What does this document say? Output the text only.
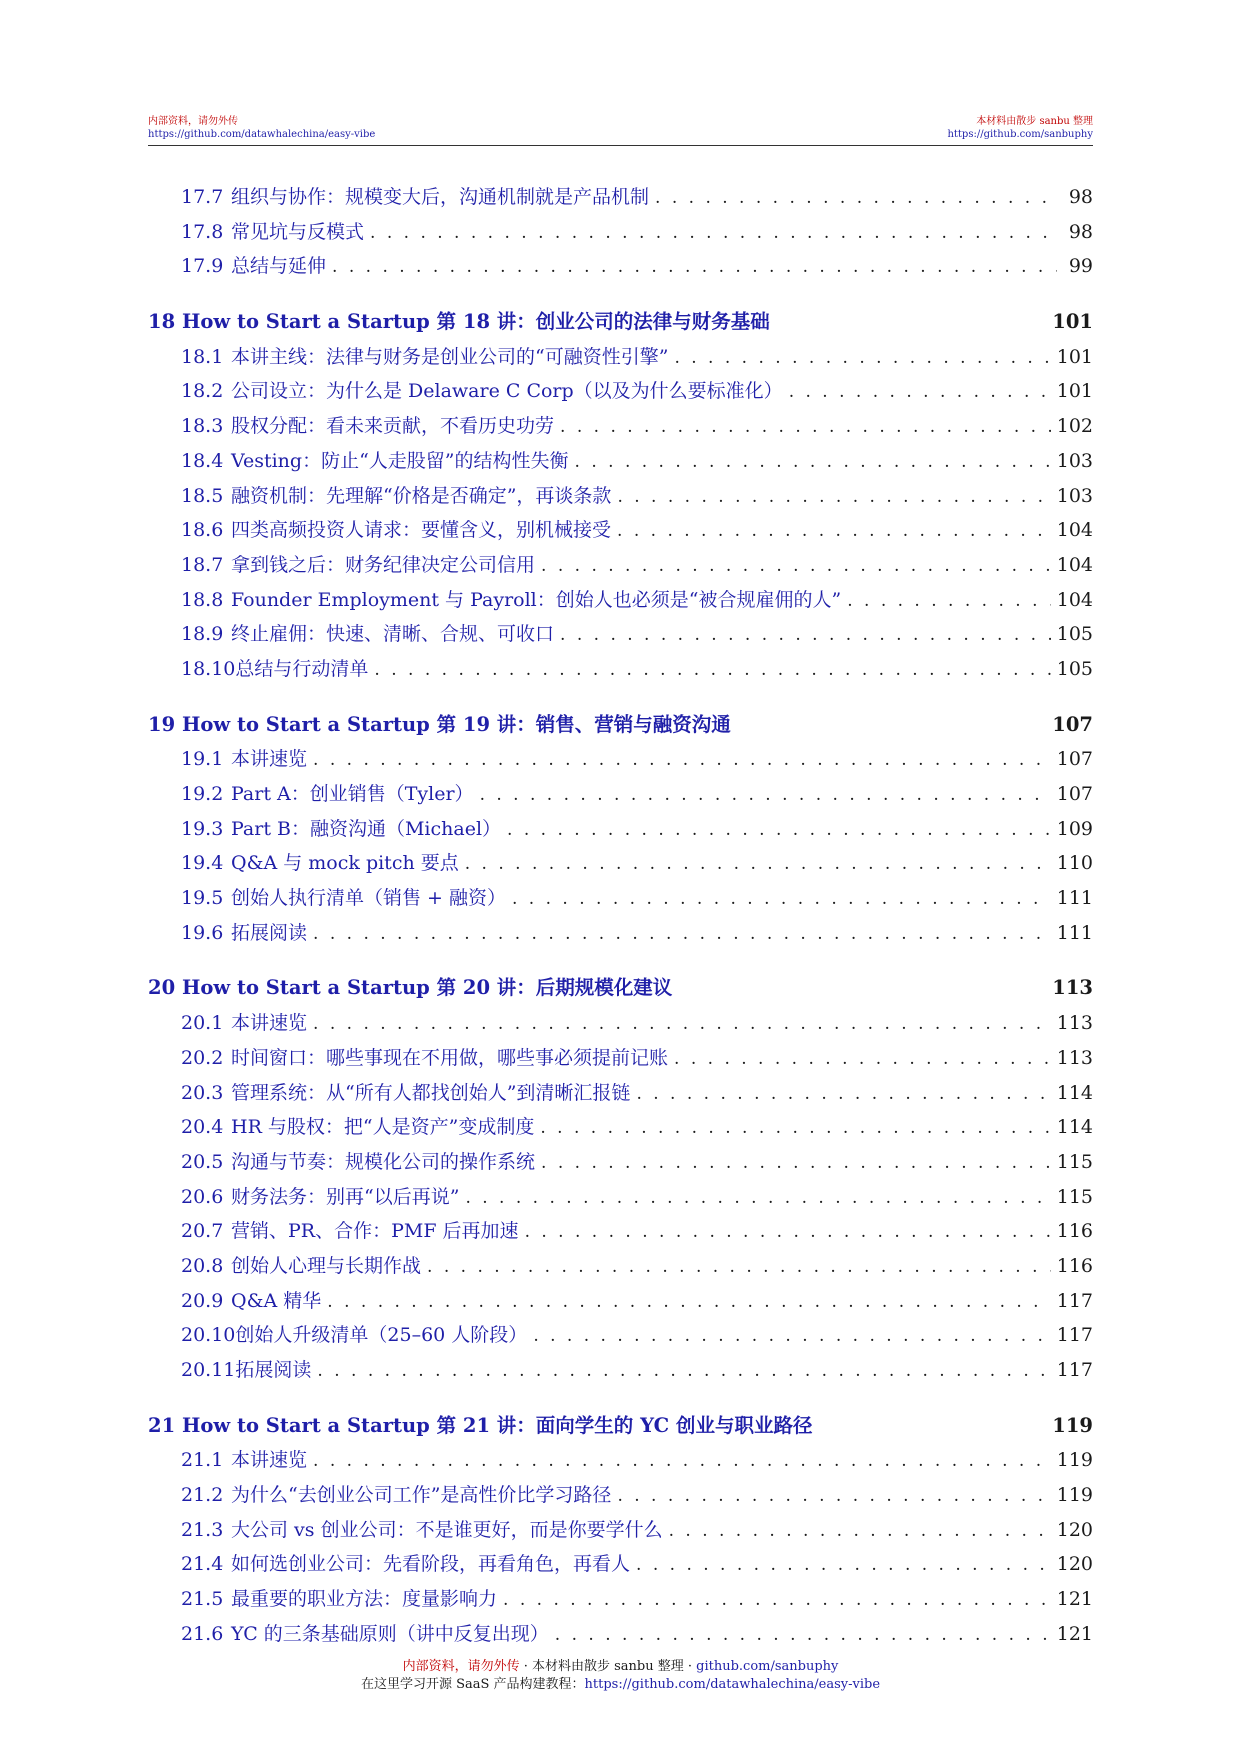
内部资料，请勿外传
https://github.com/datawhalechina/easy-vibe
本材料由散步 sanbu 整理
https://github.com/sanbuphy
17.7 组织与协作：规模变大后，沟通机制就是产品机制 . . .	98
17.8 常见坑与反模式 . . .	98
17.9 总结与延伸 . . .	99
18 How to Start a Startup 第 18 讲：创业公司的法律与财务基础	101
18.1 本讲主线：法律与财务是创业公司的“可融资性引擎” . . .	101
18.2 公司设立：为什么是 Delaware C Corp（以及为什么要标准化） . . .	101
18.3 股权分配：看未来贡献，不看历史功劳 . . .	102
18.4 Vesting：防止“人走股留”的结构性失衡 . . .	103
18.5 融资机制：先理解“价格是否确定”，再谈条款 . . .	103
18.6 四类高频投资人请求：要懂含义，别机械接受 . . .	104
18.7 拿到钱之后：财务纪律决定公司信用 . . .	104
18.8 Founder Employment 与 Payroll：创始人也必须是“被合规雇佣的人” . . .	104
18.9 终止雇佣：快速、清晰、合规、可收口 . . .	105
18.10 总结与行动清单 . . .	105
19 How to Start a Startup 第 19 讲：销售、营销与融资沟通	107
19.1 本讲速览 . . .	107
19.2 Part A：创业销售（Tyler） . . .	107
19.3 Part B：融资沟通（Michael） . . .	109
19.4 Q&A 与 mock pitch 要点 . . .	110
19.5 创始人执行清单（销售 + 融资） . . .	111
19.6 拓展阅读 . . .	111
20 How to Start a Startup 第 20 讲：后期规模化建议	113
20.1 本讲速览 . . .	113
20.2 时间窗口：哪些事现在不用做，哪些事必须提前记账 . . .	113
20.3 管理系统：从“所有人都找创始人”到清晰汇报链 . . .	114
20.4 HR 与股权：把“人是资产”变成制度 . . .	114
20.5 沟通与节奏：规模化公司的操作系统 . . .	115
20.6 财务法务：别再“以后再说” . . .	115
20.7 营销、PR、合作：PMF 后再加速 . . .	116
20.8 创始人心理与长期作战 . . .	116
20.9 Q&A 精华 . . .	117
20.10 创始人升级清单（25–60 人阶段） . . .	117
20.11 拓展阅读 . . .	117
21 How to Start a Startup 第 21 讲：面向学生的 YC 创业与职业路径	119
21.1 本讲速览 . . .	119
21.2 为什么“去创业公司工作”是高性价比学习路径 . . .	119
21.3 大公司 vs 创业公司：不是谁更好，而是你要学什么 . . .	120
21.4 如何选创业公司：先看阶段，再看角色，再看人 . . .	120
21.5 最重要的职业方法：度量影响力 . . .	121
21.6 YC 的三条基础原则（讲中反复出现） . . .	121
内部资料，请勿外传 · 本材料由散步 sanbu 整理 · github.com/sanbuphy
在这里学习开源 SaaS 产品构建教程：https://github.com/datawhalechina/easy-vibe
